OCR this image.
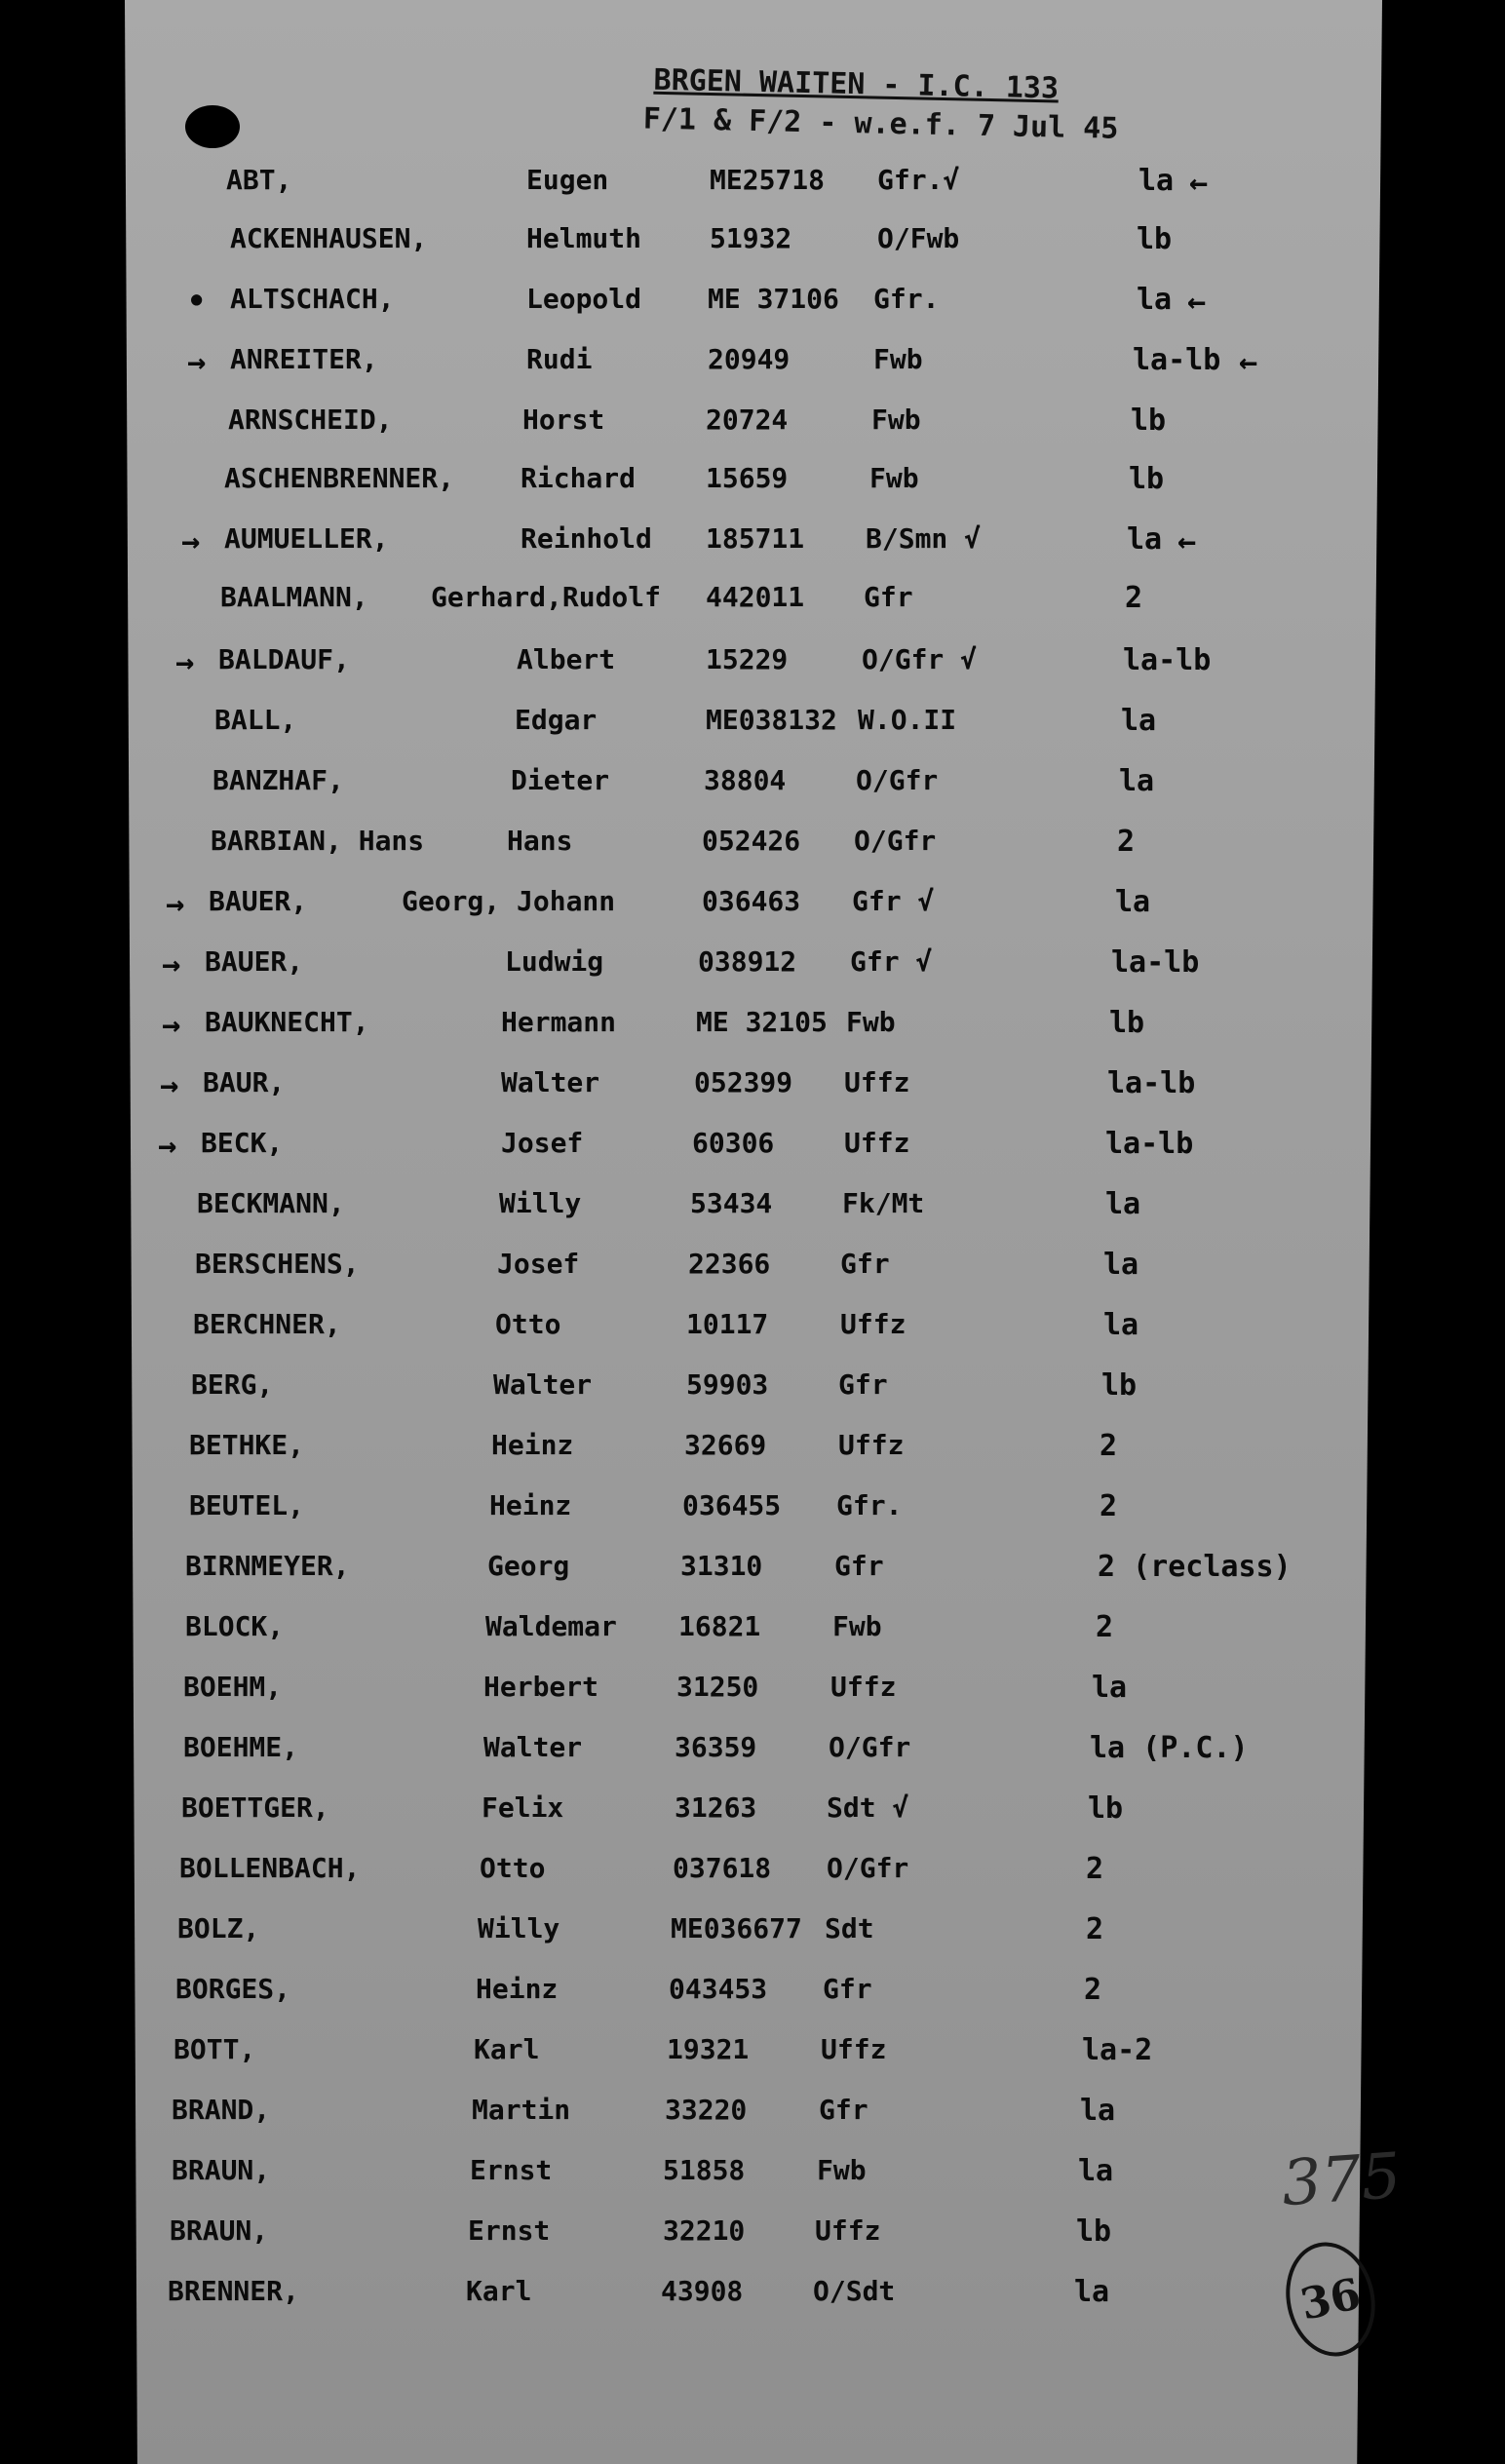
BRGEN WAITEN - I.C. 133
F/1 & F/2 - w.e.f. 7 Jul 45
ABT,	Eugen	ME25718 Gfr.√	la ←
ACKENHAUSEN,	Helmuth 51932	O/Fwb	lb
• ALTSCHACH,	Leopold ME 37106 Gfr.	la ←
→ ANREITER,	Rudi	20949	Fwb	la-lb ←
ARNSCHEID,	Horst	20724	Fwb	lb
ASCHENBRENNER, Richard	15659	Fwb	lb
→ AUMUELLER,	Reinhold 185711 B/Smn √	la ←
BAALMANN, Gerhard,Rudolf 442011 Gfr	2
→ BALDAUF,	Albert	15229	O/Gfr √	la-lb
BALL,	Edgar	ME038132 W.O.II	la
BANZHAF,	Dieter	38804	O/Gfr	la
BARBIAN, Hans	Hans	052426 O/Gfr	2
→ BAUER,	Georg, Johann	036463 Gfr √	la
→ BAUER,	Ludwig	038912 Gfr √	la-lb
→ BAUKNECHT,	Hermann	ME 32105 Fwb	lb
→ BAUR,	Walter	052399 Uffz	la-lb
→ BECK,	Josef	60306	Uffz	la-lb
BECKMANN,	Willy	53434	Fk/Mt	la
BERSCHENS,	Josef	22366	Gfr	la
BERCHNER,	Otto	10117	Uffz	la
BERG,	Walter	59903	Gfr	lb
BETHKE,	Heinz	32669	Uffz	2
BEUTEL,	Heinz	036455 Gfr.	2
BIRNMEYER,	Georg	31310	Gfr	2 (reclass)
BLOCK,	Waldemar 16821	Fwb	2
BOEHM,	Herbert	31250	Uffz	la
BOEHME,	Walter	36359	O/Gfr	la (P.C.)
BOETTGER,	Felix	31263	Sdt √	lb
BOLLENBACH,	Otto	037618 O/Gfr	2
BOLZ,	Willy	ME036677 Sdt	2
BORGES,	Heinz	043453 Gfr	2
BOTT,	Karl	19321	Uffz	la-2
BRAND,	Martin	33220	Gfr	la
BRAUN,	Ernst	51858	Fwb	la
BRAUN,	Ernst	32210	Uffz	lb
BRENNER,	Karl	43908	O/Sdt	la
375
36
